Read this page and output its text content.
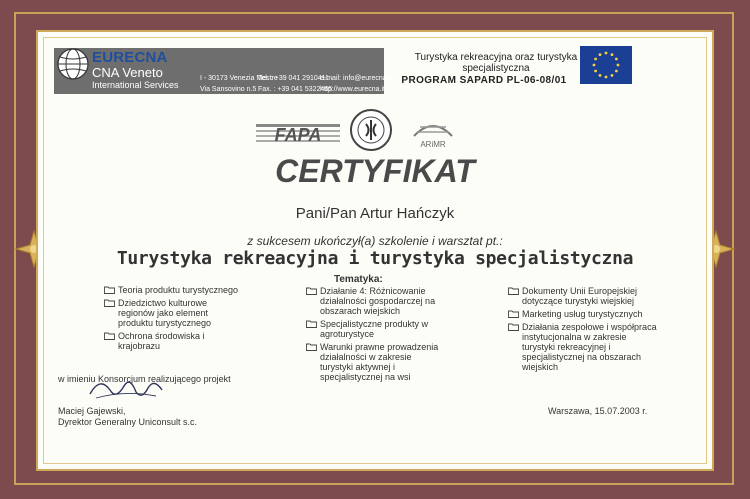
EURECNA
CNA Veneto
International Services
I - 30173 Venezia Mestre
Via Sansovino n.5
Tel. : +39 041 2910411
Fax. : +39 041 5322465
e-mail: info@eurecna.it
http://www.eurecna.it
Turystyka rekreacyjna oraz turystyka
specjalistyczna
PROGRAM SAPARD PL-06-08/01
FAPA	ARiMR
CERTYFIKAT
Pani/Pan Artur Hańczyk
z sukcesem ukończył(a) szkolenie i warsztat pt.:
Turystyka rekreacyjna i turystyka specjalistyczna
Tematyka:
Teoria produktu turystycznego
Dziedzictwo kulturowe regionów jako element produktu turystycznego
Ochrona środowiska i krajobrazu
Działanie 4: Różnicowanie działalności gospodarczej na obszarach wiejskich
Specjalistyczne produkty w agroturystyce
Warunki prawne prowadzenia działalności w zakresie turystyki aktywnej i specjalistycznej na wsi
Dokumenty Unii Europejskiej dotyczące turystyki wiejskiej
Marketing usług turystycznych
Działania zespołowe i współpraca instytucjonalna w zakresie turystyki rekreacyjnej i specjalistycznej na obszarach wiejskich
w imieniu Konsorcjum realizującego projekt
Maciej Gajewski,
Dyrektor Generalny Uniconsult s.c.
Warszawa, 15.07.2003 r.
